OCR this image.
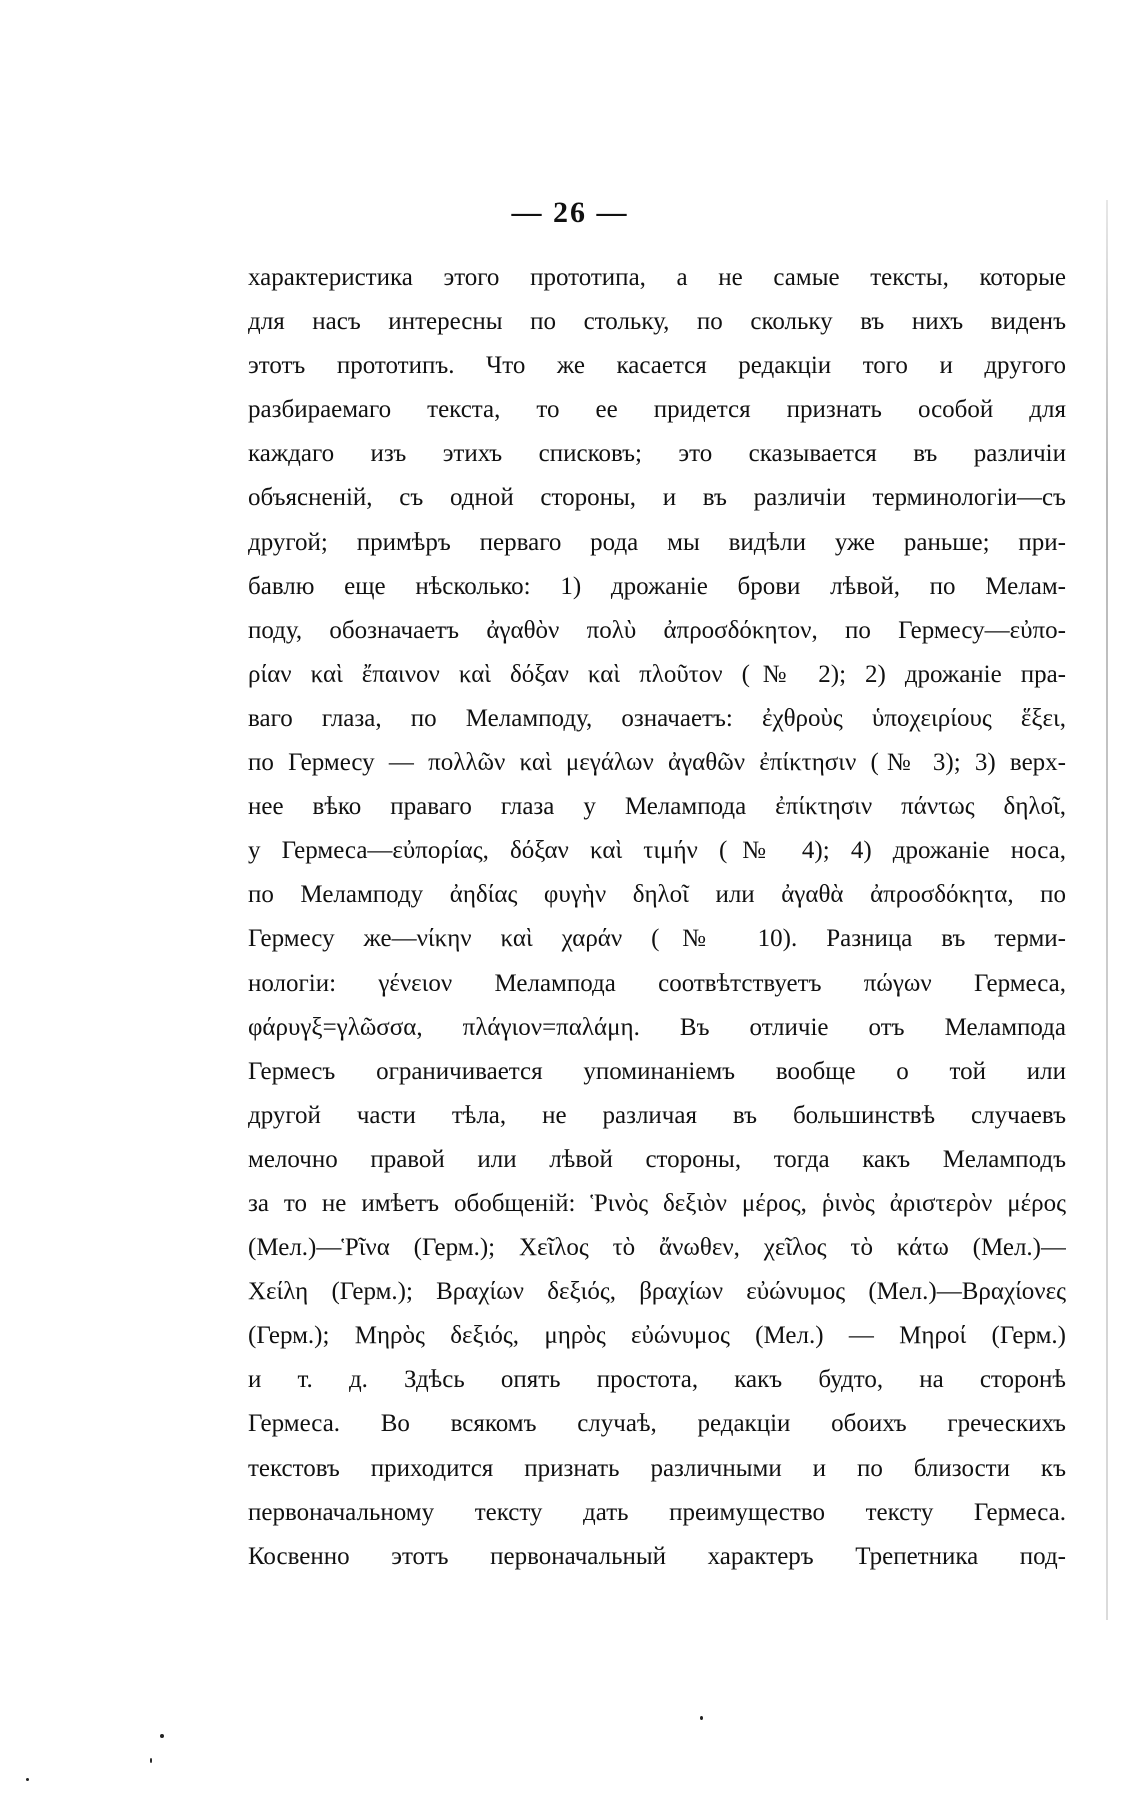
— 26 —
характеристика этого прототипа, а не самые тексты, которые
для насъ интересны по стольку, по скольку въ нихъ виденъ
этотъ прототипъ. Что же касается редакціи того и другого
разбираемаго текста, то ее придется признать особой для
каждаго изъ этихъ списковъ; это сказывается въ различіи
объясненій, съ одной стороны, и въ различіи терминологіи—съ
другой; примѣръ перваго рода мы видѣли уже раньше; при-
бавлю еще нѣсколько: 1) дрожаніе брови лѣвой, по Мелам-
поду, обозначаетъ ἀγαθὸν πολὺ ἀπροσδόκητον, по Гермесу—εὐπο-
ρίαν καὶ ἔπαινον καὶ δόξαν καὶ πλοῦτον (№ 2); 2) дрожаніе пра-
ваго глаза, по Меламподу, означаетъ: ἐχθροὺς ὑποχειρίους ἕξει,
по Гермесу — πολλῶν καὶ μεγάλων ἀγαθῶν ἐπίκτησιν (№ 3); 3) верх-
нее вѣко праваго глаза у Меламподa ἐπίκτησιν πάντως δηλοῖ,
у Гермеса—εὐπορίας, δόξαν καὶ τιμήν (№ 4); 4) дрожаніе носа,
по Меламподу ἀηδίας φυγὴν δηλοῖ или ἀγαθὰ ἀπροσδόκητα, по
Гермесу же—νίκην καὶ χαράν (№ 10). Разница въ терми-
нологіи: γένειον Меламподa соотвѣтствуетъ πώγων Гермеса,
φάρυγξ=γλῶσσα, πλάγιον=παλάμη. Въ отличіе отъ Меламподa
Гермесъ ограничивается упоминаніемъ вообще о той или
другой части тѣла, не различая въ большинствѣ случаевъ
мелочно правой или лѣвой стороны, тогда какъ Меламподъ
за то не имѣетъ обобщеній: Ῥινὸς δεξιὸν μέρος, ῥινὸς ἀριστερὸν μέρος
(Мел.)—Ῥῖνα (Герм.); Χεῖλος τὸ ἄνωθεν, χεῖλος τὸ κάτω (Мел.)—
Χείλη (Герм.); Βραχίων δεξιός, βραχίων εὐώνυμος (Мел.)—Βραχίονες
(Герм.); Μηρὸς δεξιός, μηρὸς εὐώνυμος (Мел.) — Μηροί (Герм.)
и т. д. Здѣсь опять простота, какъ будто, на сторонѣ
Гермеса. Во всякомъ случаѣ, редакціи обоихъ греческихъ
текстовъ приходится признать различными и по близости къ
первоначальному тексту дать преимущество тексту Гермеса.
Косвенно этотъ первоначальный характеръ Трепетника под-
